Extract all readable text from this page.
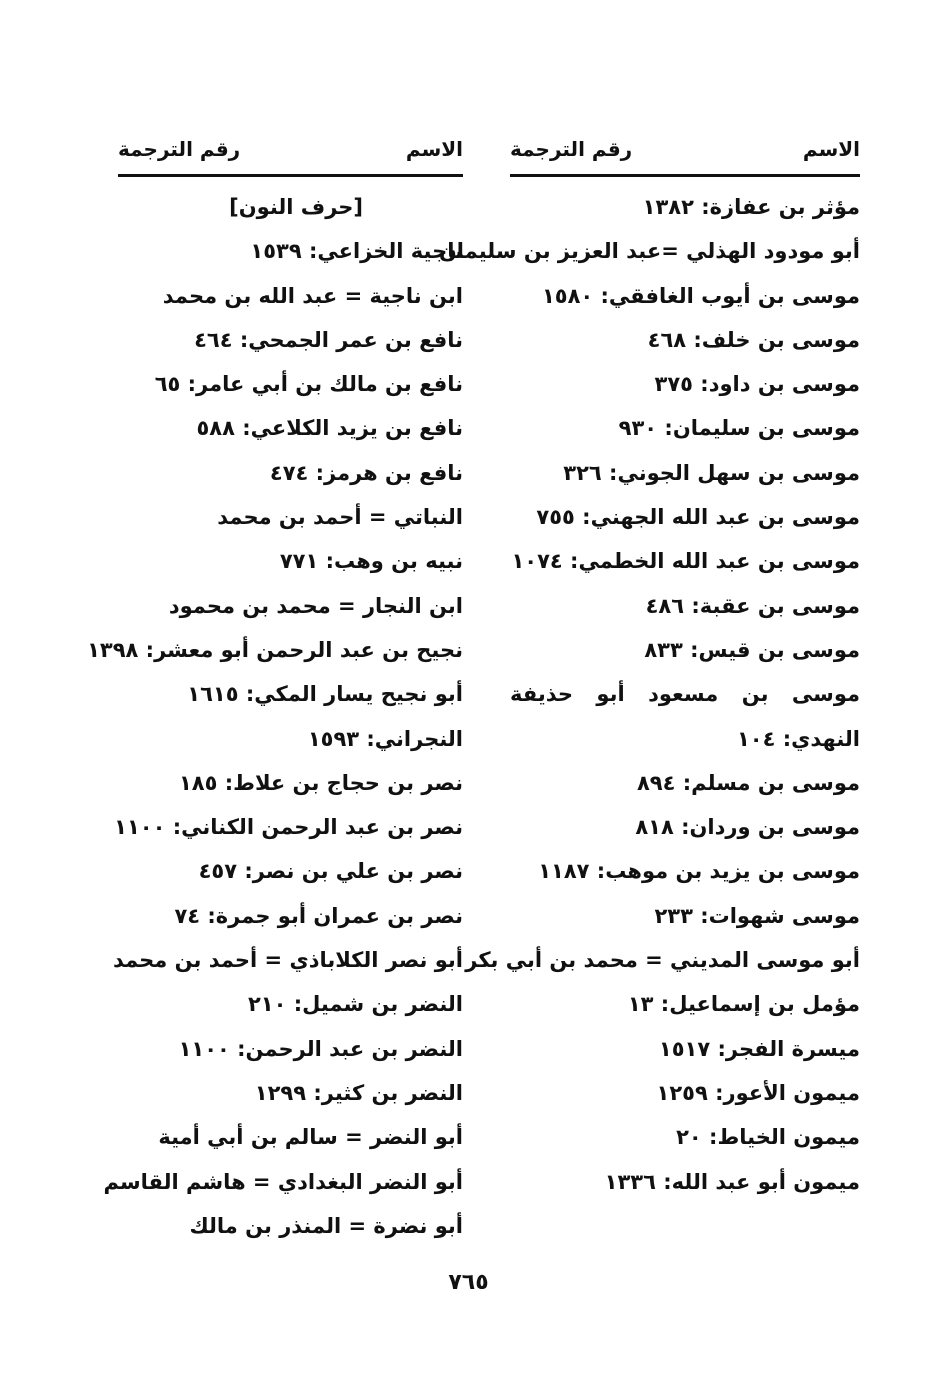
الاسم
رقم الترجمة
مؤثر بن عفازة: ١٣٨٢
أبو مودود الهذلي =عبد العزيز بن سليمان
موسى بن أيوب الغافقي: ١٥٨٠
موسى بن خلف: ٤٦٨
موسى بن داود: ٣٧٥
موسى بن سليمان: ٩٣٠
موسى بن سهل الجوني: ٣٢٦
موسى بن عبد الله الجهني: ٧٥٥
موسى بن عبد الله الخطمي: ١٠٧٤
موسى بن عقبة: ٤٨٦
موسى بن قيس: ٨٣٣
موسى بن مسعود أبو حذيفة النهدي: ١٠٤
موسى بن مسلم: ٨٩٤
موسى بن وردان: ٨١٨
موسى بن يزيد بن موهب: ١١٨٧
موسى شهوات: ٢٣٣
أبو موسى المديني = محمد بن أبي بكر
مؤمل بن إسماعيل: ١٣
ميسرة الفجر: ١٥١٧
ميمون الأعور: ١٢٥٩
ميمون الخياط: ٢٠
ميمون أبو عبد الله: ١٣٣٦
الاسم
رقم الترجمة
[حرف النون]
ناجية الخزاعي: ١٥٣٩
ابن ناجية = عبد الله بن محمد
نافع بن عمر الجمحي: ٤٦٤
نافع بن مالك بن أبي عامر: ٦٥
نافع بن يزيد الكلاعي: ٥٨٨
نافع بن هرمز: ٤٧٤
النباتي = أحمد بن محمد
نبيه بن وهب: ٧٧١
ابن النجار = محمد بن محمود
نجيح بن عبد الرحمن أبو معشر: ١٣٩٨
أبو نجيح يسار المكي: ١٦١٥
النجراني: ١٥٩٣
نصر بن حجاج بن علاط: ١٨٥
نصر بن عبد الرحمن الكناني: ١١٠٠
نصر بن علي بن نصر: ٤٥٧
نصر بن عمران أبو جمرة: ٧٤
أبو نصر الكلاباذي = أحمد بن محمد
النضر بن شميل: ٢١٠
النضر بن عبد الرحمن: ١١٠٠
النضر بن كثير: ١٢٩٩
أبو النضر = سالم بن أبي أمية
أبو النضر البغدادي = هاشم القاسم
أبو نضرة = المنذر بن مالك
٧٦٥
